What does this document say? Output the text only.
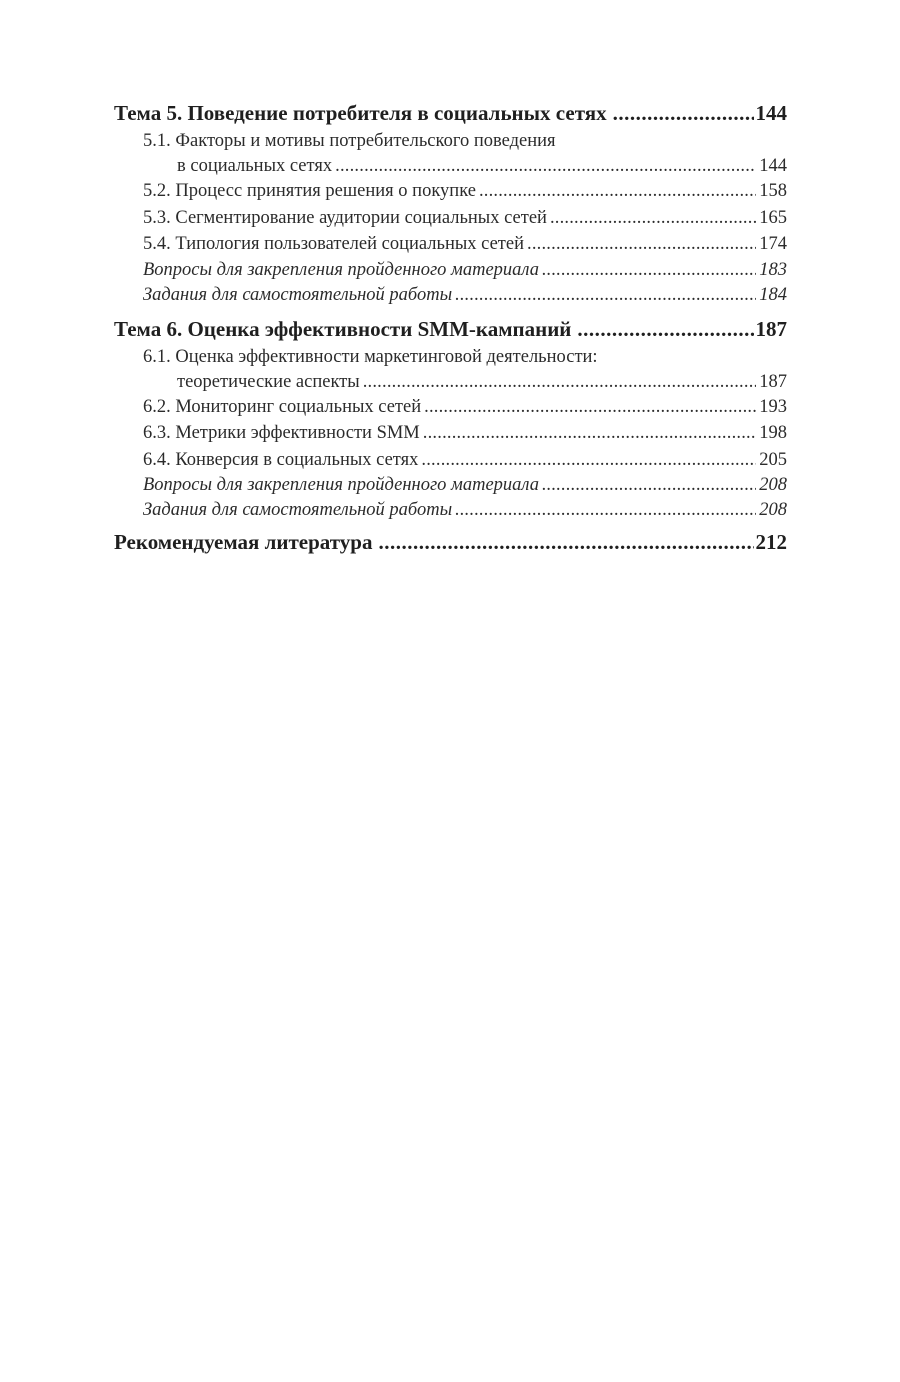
Тема 5. Поведение потребителя в социальных сетях .....	144
5.1. Факторы и мотивы потребительского поведения
в социальных сетях .....	144
5.2. Процесс принятия решения о покупке .....	158
5.3. Сегментирование аудитории социальных сетей .....	165
5.4. Типология пользователей социальных сетей .....	174
Вопросы для закрепления пройденного материала .....	183
Задания для самостоятельной работы .....	184
Тема 6. Оценка эффективности SMM-кампаний .....	187
6.1. Оценка эффективности маркетинговой деятельности:
теоретические аспекты .....	187
6.2. Мониторинг социальных сетей .....	193
6.3. Метрики эффективности SMM .....	198
6.4. Конверсия в социальных сетях .....	205
Вопросы для закрепления пройденного материала .....	208
Задания для самостоятельной работы .....	208
Рекомендуемая литература .....	212
